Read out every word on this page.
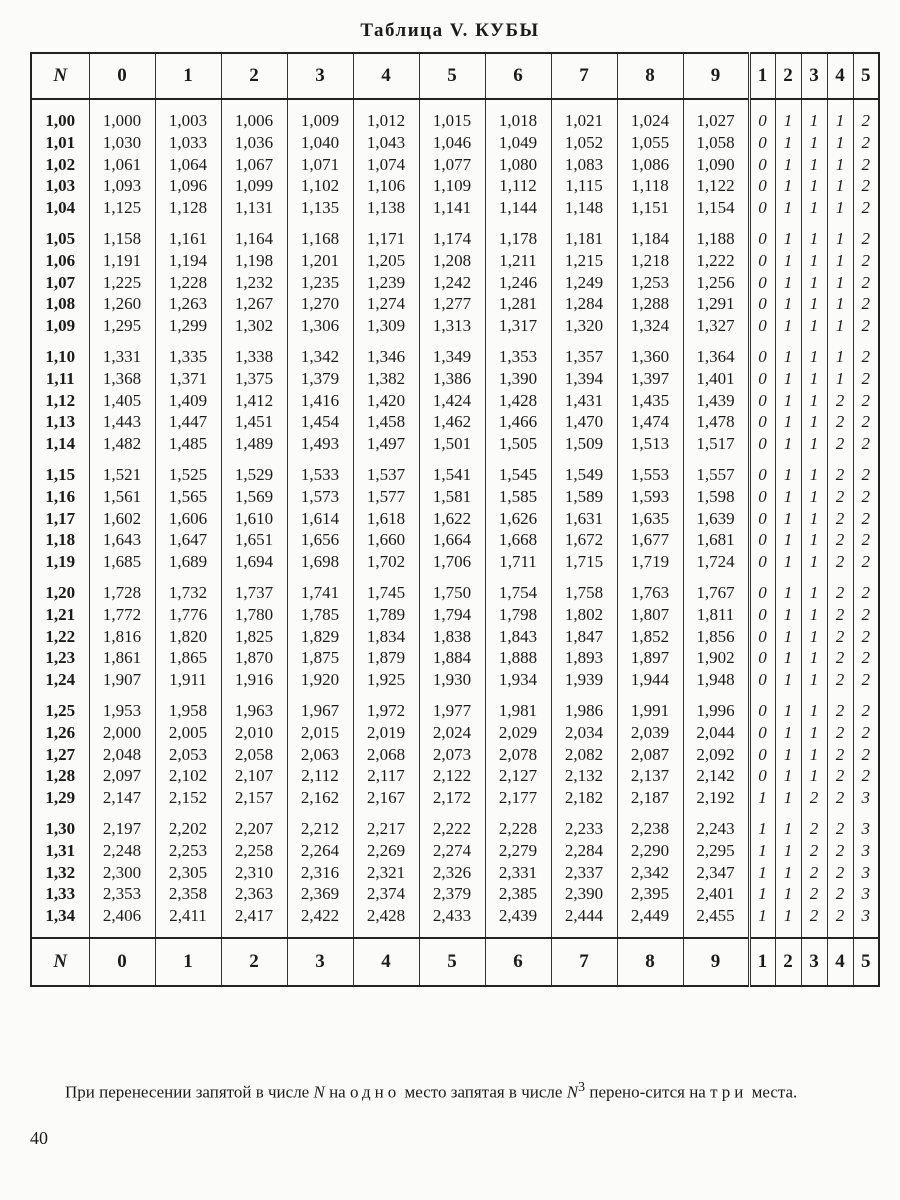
Таблица V. КУБЫ
N	0	1	2	3	4	5	6	7	8	9	1	2	3	4	5
1,00	1,000	1,003	1,006	1,009	1,012	1,015	1,018	1,021	1,024	1,027	0	1	1	1	2
1,01	1,030	1,033	1,036	1,040	1,043	1,046	1,049	1,052	1,055	1,058	0	1	1	1	2
1,02	1,061	1,064	1,067	1,071	1,074	1,077	1,080	1,083	1,086	1,090	0	1	1	1	2
1,03	1,093	1,096	1,099	1,102	1,106	1,109	1,112	1,115	1,118	1,122	0	1	1	1	2
1,04	1,125	1,128	1,131	1,135	1,138	1,141	1,144	1,148	1,151	1,154	0	1	1	1	2
1,05	1,158	1,161	1,164	1,168	1,171	1,174	1,178	1,181	1,184	1,188	0	1	1	1	2
1,06	1,191	1,194	1,198	1,201	1,205	1,208	1,211	1,215	1,218	1,222	0	1	1	1	2
1,07	1,225	1,228	1,232	1,235	1,239	1,242	1,246	1,249	1,253	1,256	0	1	1	1	2
1,08	1,260	1,263	1,267	1,270	1,274	1,277	1,281	1,284	1,288	1,291	0	1	1	1	2
1,09	1,295	1,299	1,302	1,306	1,309	1,313	1,317	1,320	1,324	1,327	0	1	1	1	2
1,10	1,331	1,335	1,338	1,342	1,346	1,349	1,353	1,357	1,360	1,364	0	1	1	1	2
1,11	1,368	1,371	1,375	1,379	1,382	1,386	1,390	1,394	1,397	1,401	0	1	1	1	2
1,12	1,405	1,409	1,412	1,416	1,420	1,424	1,428	1,431	1,435	1,439	0	1	1	2	2
1,13	1,443	1,447	1,451	1,454	1,458	1,462	1,466	1,470	1,474	1,478	0	1	1	2	2
1,14	1,482	1,485	1,489	1,493	1,497	1,501	1,505	1,509	1,513	1,517	0	1	1	2	2
1,15	1,521	1,525	1,529	1,533	1,537	1,541	1,545	1,549	1,553	1,557	0	1	1	2	2
1,16	1,561	1,565	1,569	1,573	1,577	1,581	1,585	1,589	1,593	1,598	0	1	1	2	2
1,17	1,602	1,606	1,610	1,614	1,618	1,622	1,626	1,631	1,635	1,639	0	1	1	2	2
1,18	1,643	1,647	1,651	1,656	1,660	1,664	1,668	1,672	1,677	1,681	0	1	1	2	2
1,19	1,685	1,689	1,694	1,698	1,702	1,706	1,711	1,715	1,719	1,724	0	1	1	2	2
1,20	1,728	1,732	1,737	1,741	1,745	1,750	1,754	1,758	1,763	1,767	0	1	1	2	2
1,21	1,772	1,776	1,780	1,785	1,789	1,794	1,798	1,802	1,807	1,811	0	1	1	2	2
1,22	1,816	1,820	1,825	1,829	1,834	1,838	1,843	1,847	1,852	1,856	0	1	1	2	2
1,23	1,861	1,865	1,870	1,875	1,879	1,884	1,888	1,893	1,897	1,902	0	1	1	2	2
1,24	1,907	1,911	1,916	1,920	1,925	1,930	1,934	1,939	1,944	1,948	0	1	1	2	2
1,25	1,953	1,958	1,963	1,967	1,972	1,977	1,981	1,986	1,991	1,996	0	1	1	2	2
1,26	2,000	2,005	2,010	2,015	2,019	2,024	2,029	2,034	2,039	2,044	0	1	1	2	2
1,27	2,048	2,053	2,058	2,063	2,068	2,073	2,078	2,082	2,087	2,092	0	1	1	2	2
1,28	2,097	2,102	2,107	2,112	2,117	2,122	2,127	2,132	2,137	2,142	0	1	1	2	2
1,29	2,147	2,152	2,157	2,162	2,167	2,172	2,177	2,182	2,187	2,192	1	1	2	2	3
1,30	2,197	2,202	2,207	2,212	2,217	2,222	2,228	2,233	2,238	2,243	1	1	2	2	3
1,31	2,248	2,253	2,258	2,264	2,269	2,274	2,279	2,284	2,290	2,295	1	1	2	2	3
1,32	2,300	2,305	2,310	2,316	2,321	2,326	2,331	2,337	2,342	2,347	1	1	2	2	3
1,33	2,353	2,358	2,363	2,369	2,374	2,379	2,385	2,390	2,395	2,401	1	1	2	2	3
1,34	2,406	2,411	2,417	2,422	2,428	2,433	2,439	2,444	2,449	2,455	1	1	2	2	3
N	0	1	2	3	4	5	6	7	8	9	1	2	3	4	5
При перенесении запятой в числе N на одно место запятая в числе $N^3$ перено-сится на три места.
40
